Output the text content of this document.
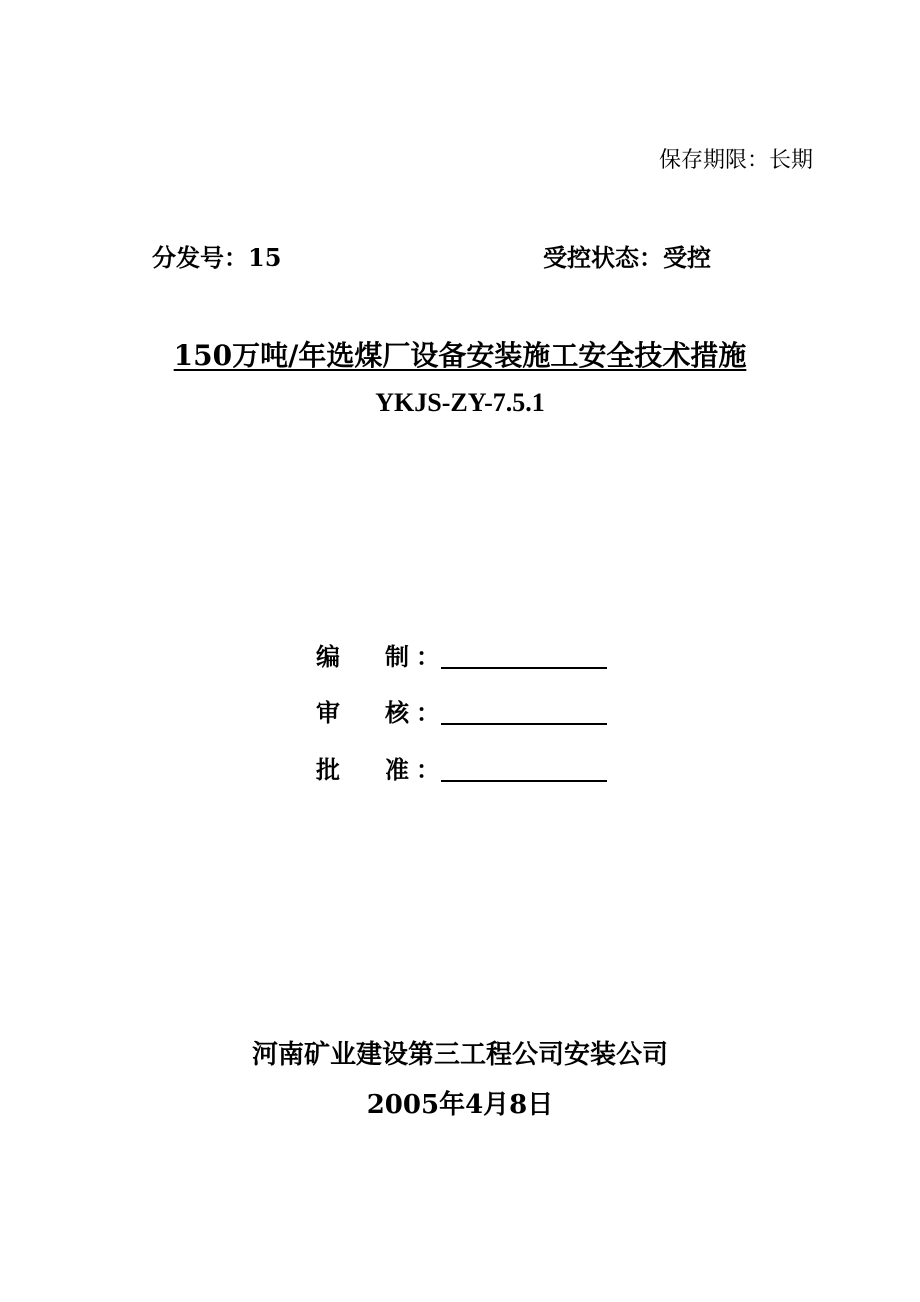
保存期限：长期
分发号：15	受控状态：受控
150万吨/年选煤厂设备安装施工安全技术措施
YKJS-ZY-7.5.1
编 制 ：
审 核 ：
批 准 ：
河南矿业建设第三工程公司安装公司
2005年4月8日
